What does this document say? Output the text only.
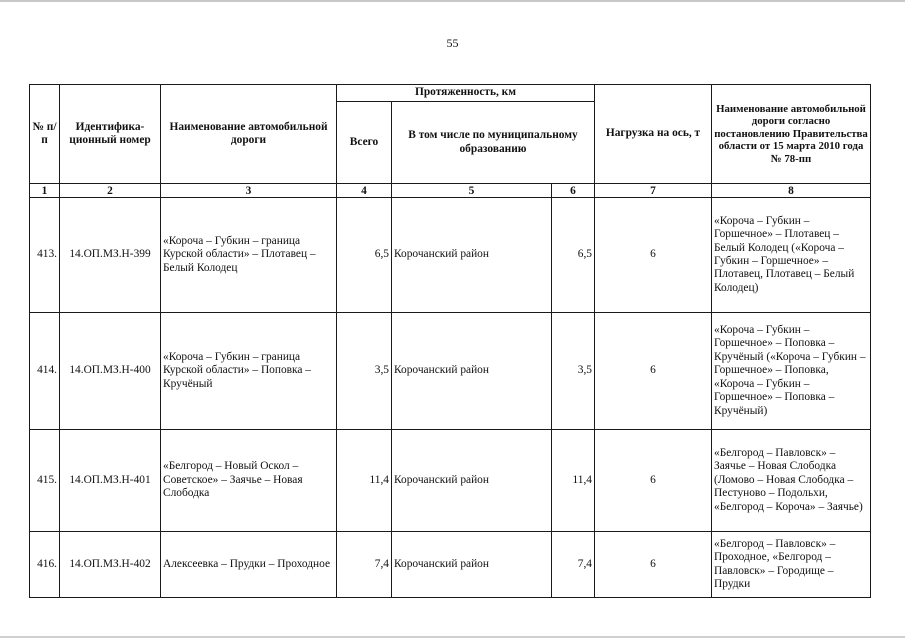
55
№ п/п	Идентифика-ционный номер	Наименование автомобильной дороги	Протяженность, км			Нагрузка на ось, т	Наименование автомобильной дороги согласно постановлению Правительства области от 15 марта 2010 года № 78-пп
			Всего	В том числе по муниципальному образованию			
1	2	3	4	5	6	7	8
413.	14.ОП.МЗ.Н-399	«Короча – Губкин – граница Курской области» – Плотавец – Белый Колодец	6,5	Корочанский район	6,5	6	«Короча – Губкин – Горшечное» – Плотавец – Белый Колодец («Короча – Губкин – Горшечное» – Плотавец, Плотавец – Белый Колодец)
414.	14.ОП.МЗ.Н-400	«Короча – Губкин – граница Курской области» – Поповка – Кручёный	3,5	Корочанский район	3,5	6	«Короча – Губкин – Горшечное» – Поповка – Кручёный («Короча – Губкин – Горшечное» – Поповка, «Короча – Губкин – Горшечное» – Поповка – Кручёный)
415.	14.ОП.МЗ.Н-401	«Белгород – Новый Оскол – Советское» – Заячье – Новая Слободка	11,4	Корочанский район	11,4	6	«Белгород – Павловск» – Заячье – Новая Слободка (Ломово – Новая Слободка – Пестуново – Подольхи, «Белгород – Короча» – Заячье)
416.	14.ОП.МЗ.Н-402	Алексеевка – Прудки – Проходное	7,4	Корочанский район	7,4	6	«Белгород – Павловск» – Проходное, «Белгород – Павловск» – Городище – Прудки
